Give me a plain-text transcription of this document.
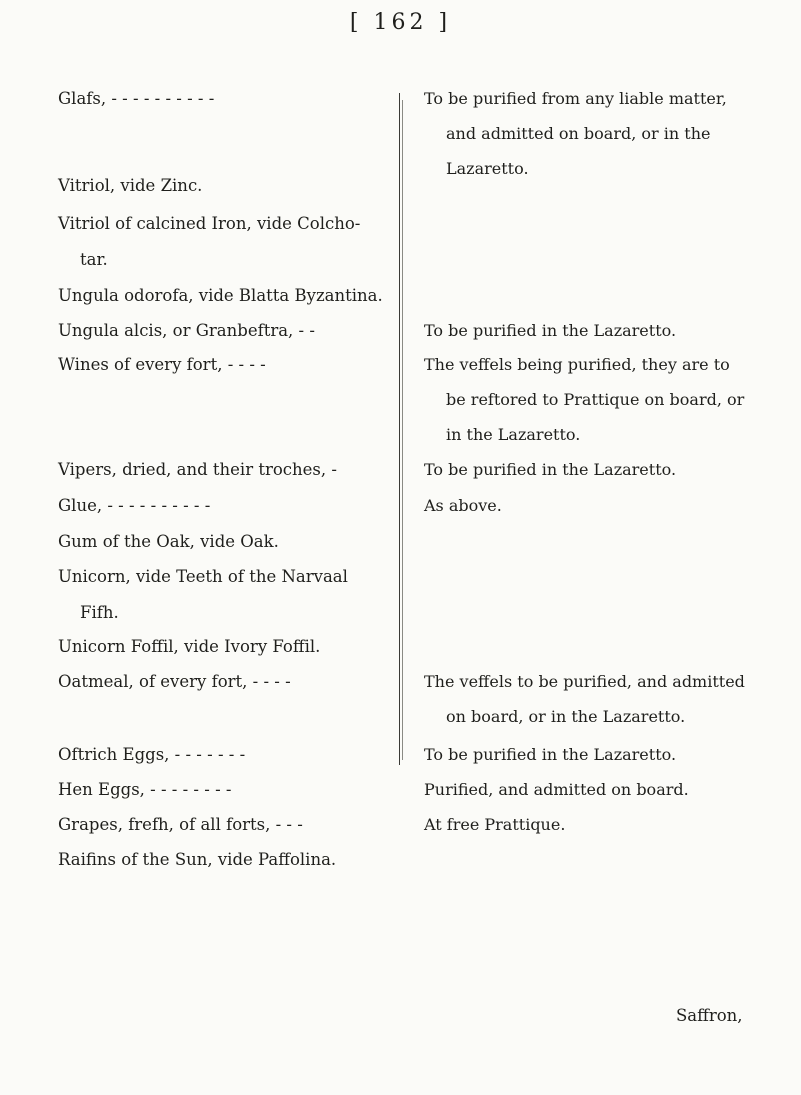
[ 162 ]
Glafs, - - - - - - - - - -
Vitriol, vide Zinc.
Vitriol of calcined Iron, vide Colcho-
tar.
Ungula odorofa, vide Blatta Byzantina.
Ungula alcis, or Granbeftra, - -
Wines of every fort, - - - -
Vipers, dried, and their troches, -
Glue, - - - - - - - - - -
Gum of the Oak, vide Oak.
Unicorn, vide Teeth of the Narvaal
Fifh.
Unicorn Foffil, vide Ivory Foffil.
Oatmeal, of every fort, - - - -
Oftrich Eggs, - - - - - - -
Hen Eggs, - - - - - - - -
Grapes, frefh, of all forts, - - -
Raifins of the Sun, vide Paffolina.
To be purified from any liable matter,
and admitted on board, or in the
Lazaretto.
To be purified in the Lazaretto.
The veffels being purified, they are to
be reftored to Prattique on board, or
in the Lazaretto.
To be purified in the Lazaretto.
As above.
The veffels to be purified, and admitted
on board, or in the Lazaretto.
To be purified in the Lazaretto.
Purified, and admitted on board.
At free Prattique.
Saffron,
